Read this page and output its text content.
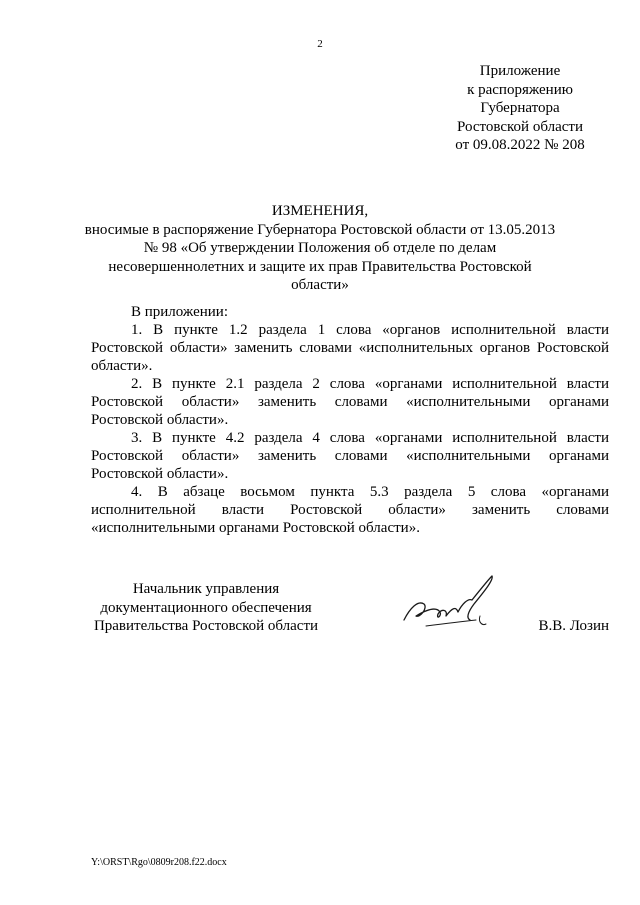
2
Приложение
к распоряжению
Губернатора
Ростовской области
от 09.08.2022 № 208
ИЗМЕНЕНИЯ,
вносимые в распоряжение Губернатора Ростовской области от 13.05.2013 № 98 «Об утверждении Положения об отделе по делам несовершеннолетних и защите их прав Правительства Ростовской области»

В приложении:

1. В пункте 1.2 раздела 1 слова «органов исполнительной власти Ростовской области» заменить словами «исполнительных органов Ростовской области».

2. В пункте 2.1 раздела 2 слова «органами исполнительной власти Ростовской области» заменить словами «исполнительными органами Ростовской области».

3. В пункте 4.2 раздела 4 слова «органами исполнительной власти Ростовской области» заменить словами «исполнительными органами Ростовской области».

4. В абзаце восьмом пункта 5.3 раздела 5 слова «органами исполнительной власти Ростовской области» заменить словами «исполнительными органами Ростовской области».

Начальник управления
документационного обеспечения
Правительства Ростовской области	В.В. Лозин
Y:\ORST\Rgo\0809r208.f22.docx
